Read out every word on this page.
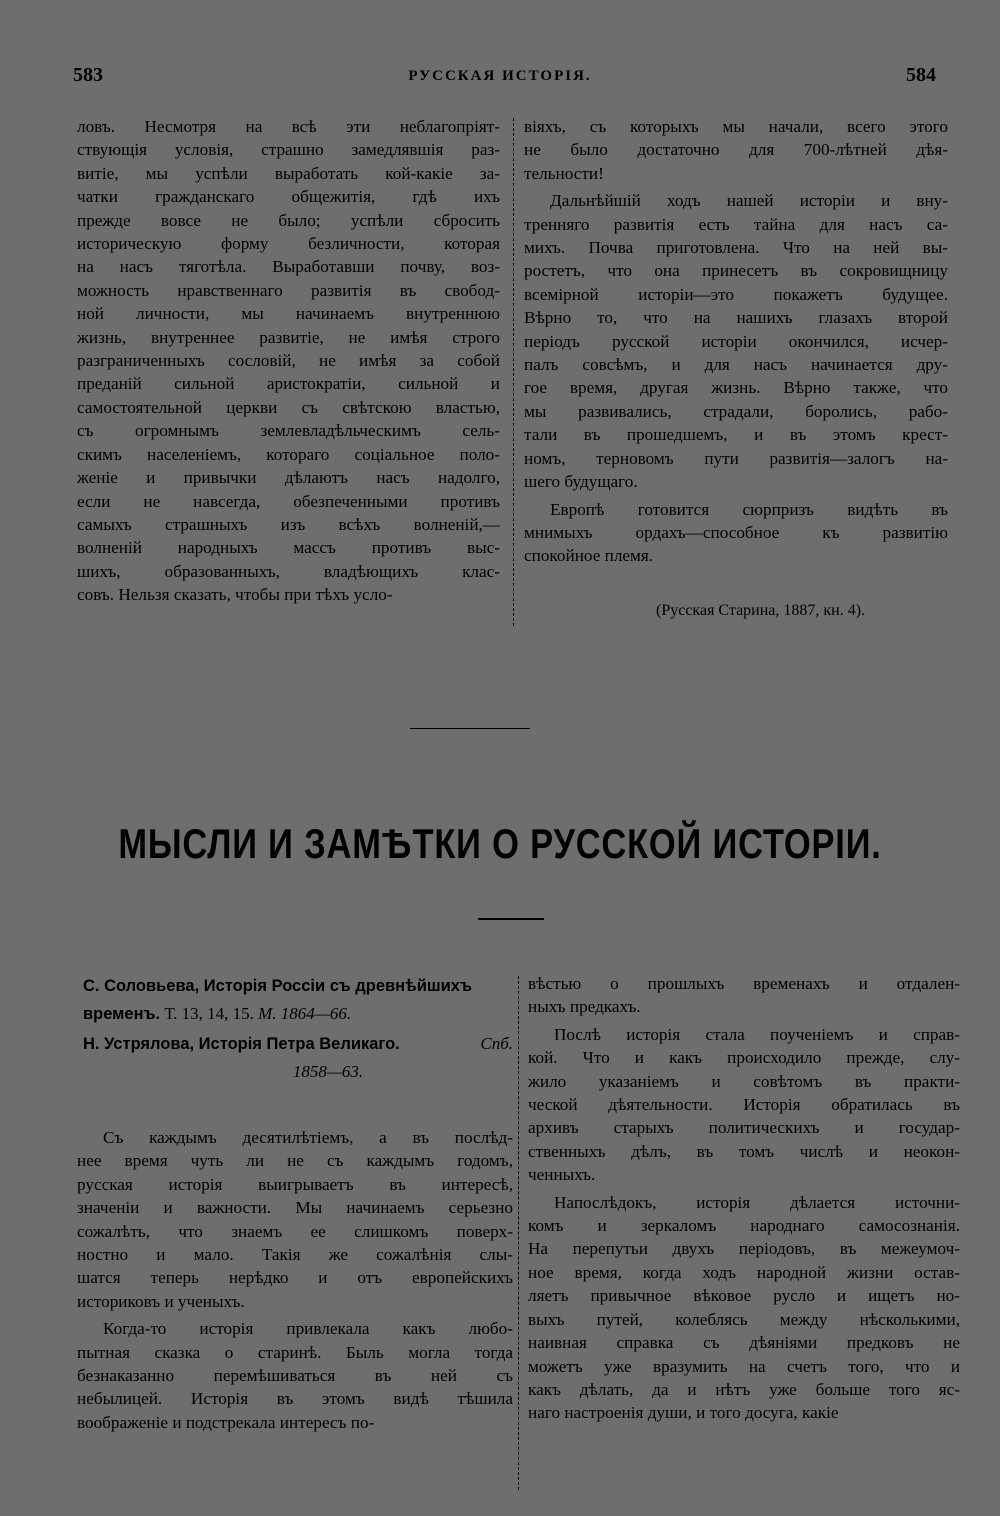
583	РУССКАЯ ИСТОРІЯ.	584
ловъ. Несмотря на всѣ эти неблагопріят-
ствующія условія, страшно замедлявшія раз-
витіе, мы успѣли выработать кой-какіе за-
чатки гражданскаго общежитія, гдѣ ихъ
прежде вовсе не было; успѣли сбросить
историческую форму безличности, которая
на насъ тяготѣла. Выработавши почву, воз-
можность нравственнаго развитія въ свобод-
ной личности, мы начинаемъ внутреннюю
жизнь, внутреннее развитіе, не имѣя строго
разграниченныхъ сословій, не имѣя за собой
преданій сильной аристократіи, сильной и
самостоятельной церкви съ свѣтскою властью,
съ огромнымъ землевладѣльческимъ сель-
скимъ населеніемъ, котораго соціальное поло-
женіе и привычки дѣлаютъ насъ надолго,
если не навсегда, обезпеченными противъ
самыхъ страшныхъ изъ всѣхъ волненій,—
волненій народныхъ массъ противъ выс-
шихъ, образованныхъ, владѣющихъ клас-
совъ. Нельзя сказать, чтобы при тѣхъ усло-
віяхъ, съ которыхъ мы начали, всего этого
не было достаточно для 700-лѣтней дѣя-
тельности!
Дальнѣйшій ходъ нашей исторіи и вну-
тренняго развитія есть тайна для насъ са-
михъ. Почва приготовлена. Что на ней вы-
ростетъ, что она принесетъ въ сокровищницу
всемірной исторіи—это покажетъ будущее.
Вѣрно то, что на нашихъ глазахъ второй
періодъ русской исторіи окончился, исчер-
палъ совсѣмъ, и для насъ начинается дру-
гое время, другая жизнь. Вѣрно также, что
мы развивались, страдали, боролись, рабо-
тали въ прошедшемъ, и въ этомъ крест-
номъ, терновомъ пути развитія—залогъ на-
шего будущаго.
Европѣ готовится сюрпризъ видѣть въ
мнимыхъ ордахъ—способное къ развитію
спокойное племя.
(Русская Старина, 1887, кн. 4).
МЫСЛИ И ЗАМѢТКИ О РУССКОЙ ИСТОРІИ.
С. Соловьева, Исторія Россіи съ древнѣйшихъ
временъ. Т. 13, 14, 15. М. 1864—66.
Н. Устрялова, Исторія Петра Великаго.	Спб.

1858—63.
Съ каждымъ десятилѣтіемъ, а въ послѣд-
нее время чуть ли не съ каждымъ годомъ,
русская исторія выигрываетъ въ интересѣ,
значеніи и важности. Мы начинаемъ серьезно
сожалѣть, что знаемъ ее слишкомъ поверх-
ностно и мало. Такія же сожалѣнія слы-
шатся теперь нерѣдко и отъ европейскихъ
историковъ и ученыхъ.
Когда-то исторія привлекала какъ любо-
пытная сказка о старинѣ. Быль могла тогда
безнаказанно перемѣшиваться въ ней съ
небылицей. Исторія въ этомъ видѣ тѣшила
воображеніе и подстрекала интересъ по-
вѣстью о прошлыхъ временахъ и отдален-
ныхъ предкахъ.
Послѣ исторія стала поученіемъ и справ-
кой. Что и какъ происходило прежде, слу-
жило указаніемъ и совѣтомъ въ практи-
ческой дѣятельности. Исторія обратилась въ
архивъ старыхъ политическихъ и государ-
ственныхъ дѣлъ, въ томъ числѣ и неокон-
ченныхъ.
Напослѣдокъ, исторія дѣлается источни-
комъ и зеркаломъ народнаго самосознанія.
На перепутьи двухъ періодовъ, въ межеумоч-
ное время, когда ходъ народной жизни остав-
ляетъ привычное вѣковое русло и ищетъ но-
выхъ путей, колеблясь между нѣсколькими,
наивная справка съ дѣяніями предковъ не
можетъ уже вразумить на счетъ того, что и
какъ дѣлать, да и нѣтъ уже больше того яс-
наго настроенія души, и того досуга, какіе
